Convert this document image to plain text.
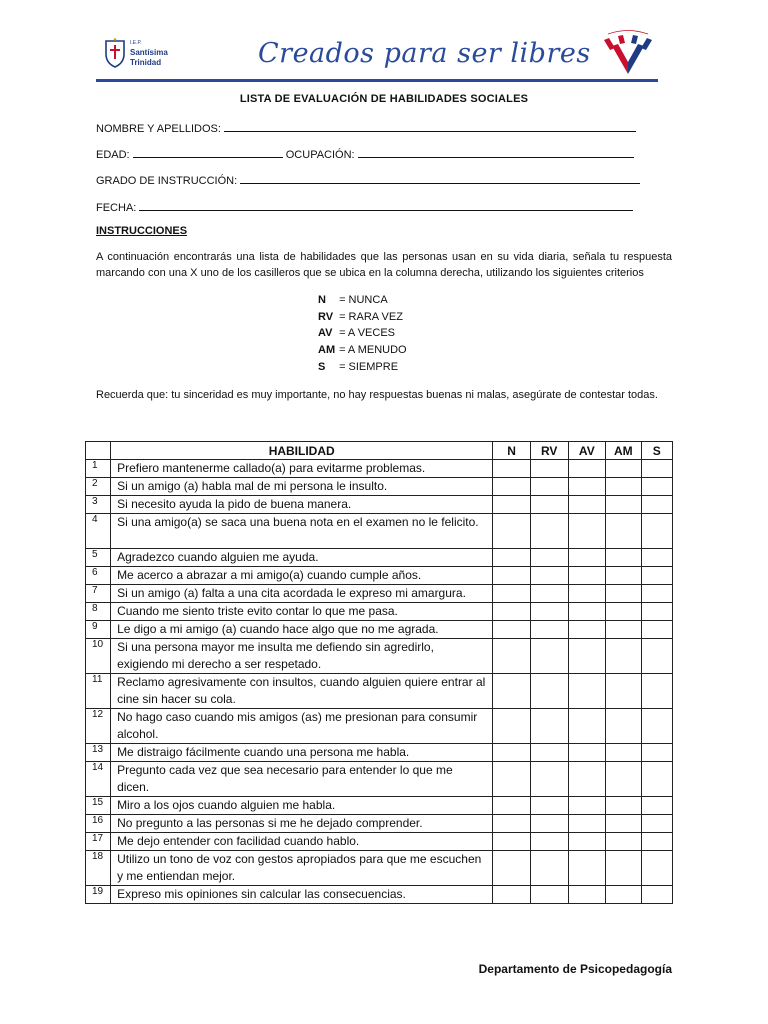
I.E.P.
Santísima
Trinidad	Creados para ser libres
LISTA DE EVALUACIÓN DE HABILIDADES SOCIALES
NOMBRE Y APELLIDOS:
EDAD:	OCUPACIÓN:
GRADO DE INSTRUCCIÓN:
FECHA:
INSTRUCCIONES
A continuación encontrarás una lista de habilidades que las personas usan en su vida diaria, señala tu respuesta marcando con una X uno de los casilleros que se ubica en la columna derecha, utilizando los siguientes criterios
N = NUNCA
RV = RARA VEZ
AV = A VECES
AM = A MENUDO
S = SIEMPRE
Recuerda que: tu sinceridad es muy importante, no hay respuestas buenas ni malas, asegúrate de contestar todas.
	HABILIDAD	N	RV	AV	AM	S
1	Prefiero mantenerme callado(a) para evitarme problemas.					
2	Si un amigo (a) habla mal de mi persona le insulto.					
3	Si necesito ayuda la pido de buena manera.					
4	Si una amigo(a) se saca una buena nota en el examen no le felicito.					
5	Agradezco cuando alguien me ayuda.					
6	Me acerco a abrazar a mi amigo(a) cuando cumple años.					
7	Si un amigo (a) falta a una cita acordada le expreso mi amargura.					
8	Cuando me siento triste evito contar lo que me pasa.					
9	Le digo a mi amigo (a) cuando hace algo que no me agrada.					
10	Si una persona mayor me insulta me defiendo sin agredirlo, exigiendo mi derecho a ser respetado.					
11	Reclamo agresivamente con insultos, cuando alguien quiere entrar al cine sin hacer su cola.					
12	No hago caso cuando mis amigos (as) me presionan para consumir alcohol.					
13	Me distraigo fácilmente cuando una persona me habla.					
14	Pregunto cada vez que sea necesario para entender lo que me dicen.					
15	Miro a los ojos cuando alguien me habla.					
16	No pregunto a las personas si me he dejado comprender.					
17	Me dejo entender con facilidad cuando hablo.					
18	Utilizo un tono de voz con gestos apropiados para que me escuchen y me entiendan mejor.					
19	Expreso mis opiniones sin calcular las consecuencias.					
Departamento de Psicopedagogía
